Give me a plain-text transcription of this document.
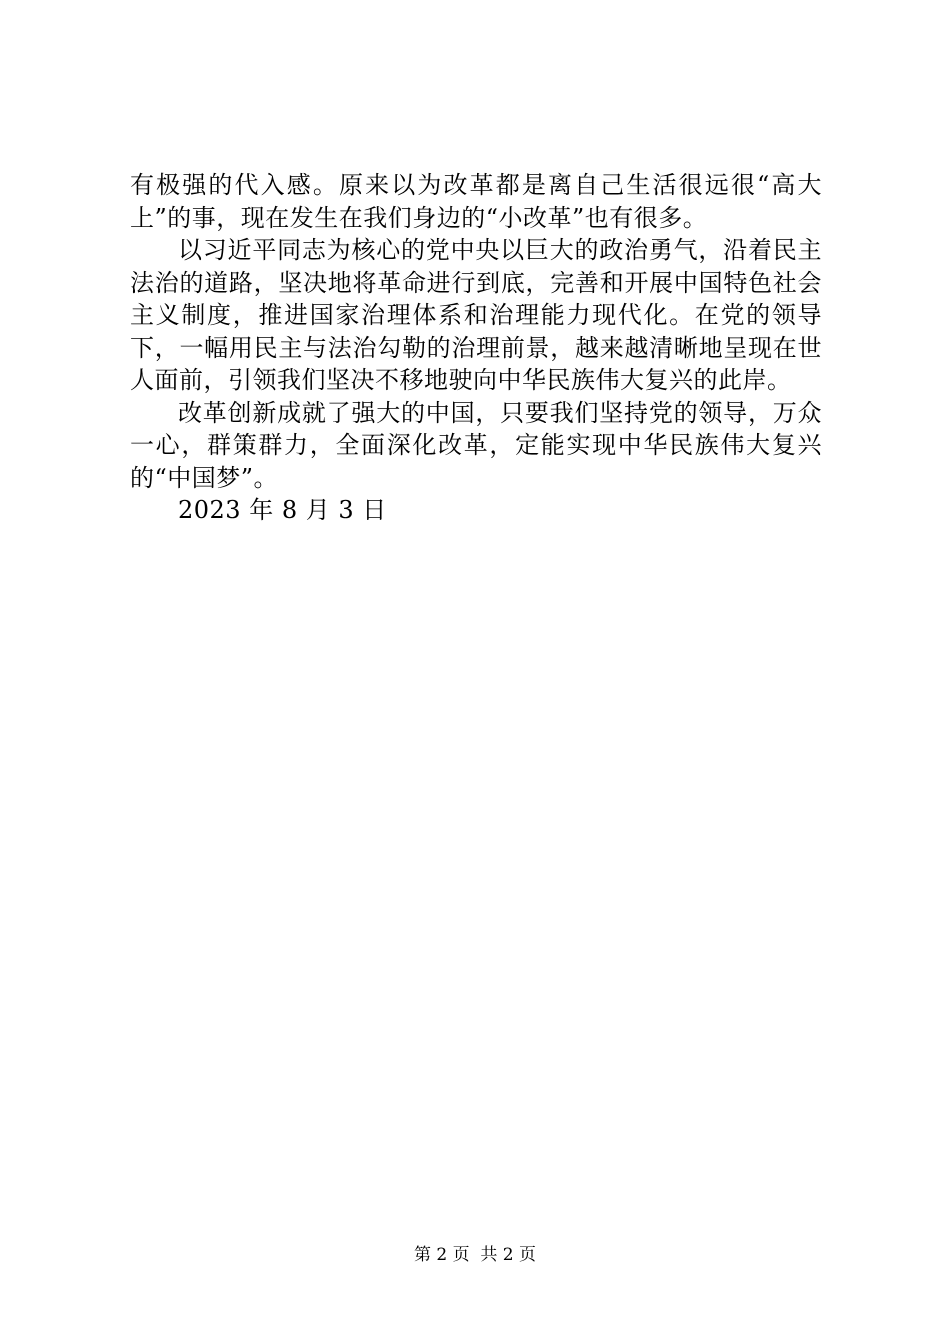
有极强的代入感。原来以为改革都是离自己生活很远很“高大上”的事，现在发生在我们身边的“小改革”也有很多。

以习近平同志为核心的党中央以巨大的政治勇气，沿着民主法治的道路，坚决地将革命进行到底，完善和开展中国特色社会主义制度，推进国家治理体系和治理能力现代化。在党的领导下，一幅用民主与法治勾勒的治理前景，越来越清晰地呈现在世人面前，引领我们坚决不移地驶向中华民族伟大复兴的此岸。

改革创新成就了强大的中国，只要我们坚持党的领导，万众一心，群策群力，全面深化改革，定能实现中华民族伟大复兴的“中国梦”。

2023 年 8 月 3 日

第 2 页  共 2 页
